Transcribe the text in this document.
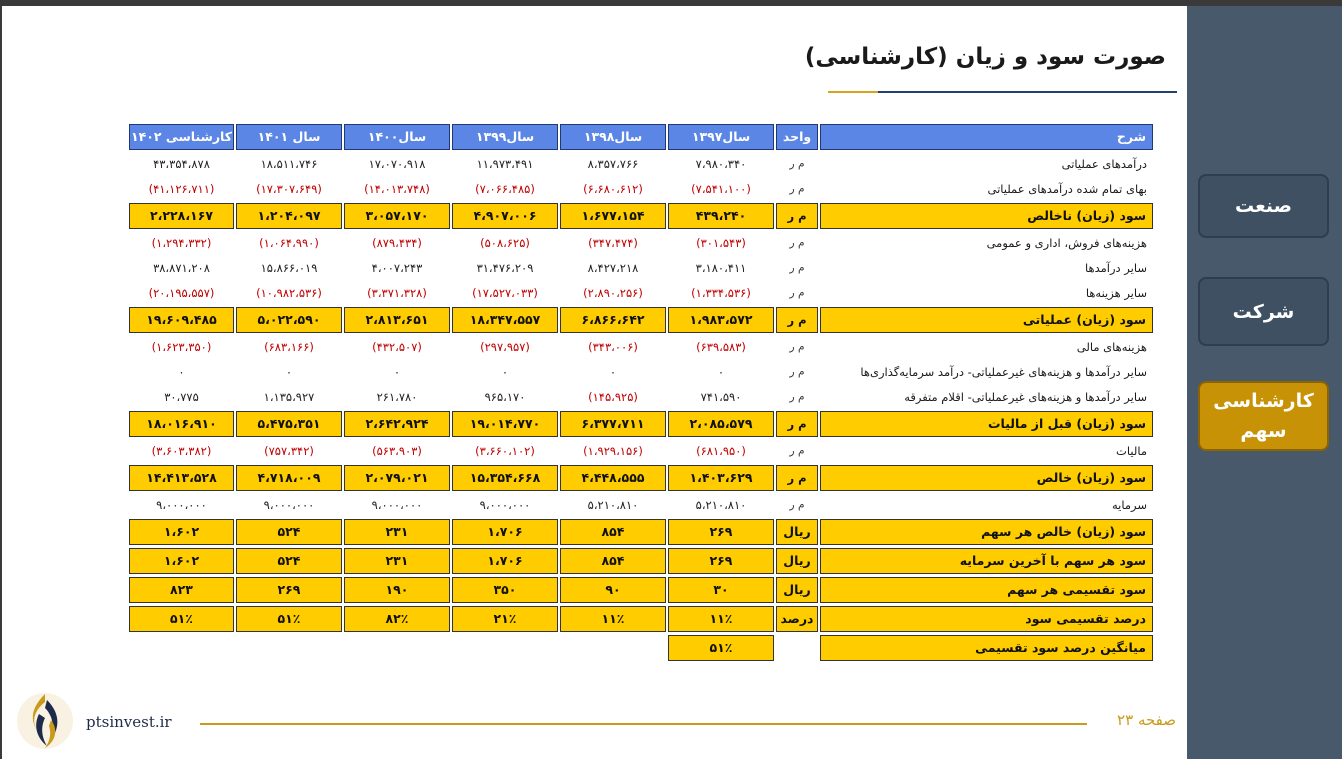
صورت سود و زیان (کارشناسی)
شرح	واحد	سال۱۳۹۷	سال۱۳۹۸	سال۱۳۹۹	سال۱۴۰۰	سال ۱۴۰۱	کارشناسی ۱۴۰۲
درآمدهای عملیاتی	م ر	۷،۹۸۰،۳۴۰	۸،۳۵۷،۷۶۶	۱۱،۹۷۳،۴۹۱	۱۷،۰۷۰،۹۱۸	۱۸،۵۱۱،۷۴۶	۴۳،۳۵۴،۸۷۸
بهای تمام شده درآمدهای عملیاتی	م ر	(۷،۵۴۱،۱۰۰)	(۶،۶۸۰،۶۱۲)	(۷،۰۶۶،۴۸۵)	(۱۴،۰۱۳،۷۴۸)	(۱۷،۳۰۷،۶۴۹)	(۴۱،۱۲۶،۷۱۱)
سود (زیان) ناخالص	م ر	۴۳۹،۲۴۰	۱،۶۷۷،۱۵۴	۴،۹۰۷،۰۰۶	۳،۰۵۷،۱۷۰	۱،۲۰۴،۰۹۷	۲،۲۲۸،۱۶۷
هزینه‌های فروش، اداری و عمومی	م ر	(۳۰۱،۵۴۳)	(۳۴۷،۴۷۴)	(۵۰۸،۶۲۵)	(۸۷۹،۴۳۴)	(۱،۰۶۴،۹۹۰)	(۱،۲۹۴،۳۳۲)
سایر درآمدها	م ر	۳،۱۸۰،۴۱۱	۸،۴۲۷،۲۱۸	۳۱،۴۷۶،۲۰۹	۴،۰۰۷،۲۴۳	۱۵،۸۶۶،۰۱۹	۳۸،۸۷۱،۲۰۸
سایر هزینه‌ها	م ر	(۱،۳۳۴،۵۳۶)	(۲،۸۹۰،۲۵۶)	(۱۷،۵۲۷،۰۳۳)	(۳،۳۷۱،۳۲۸)	(۱۰،۹۸۲،۵۳۶)	(۲۰،۱۹۵،۵۵۷)
سود (زیان) عملیاتی	م ر	۱،۹۸۳،۵۷۲	۶،۸۶۶،۶۴۲	۱۸،۳۴۷،۵۵۷	۲،۸۱۳،۶۵۱	۵،۰۲۲،۵۹۰	۱۹،۶۰۹،۴۸۵
هزینه‌های مالی	م ر	(۶۳۹،۵۸۳)	(۳۴۳،۰۰۶)	(۲۹۷،۹۵۷)	(۴۳۲،۵۰۷)	(۶۸۳،۱۶۶)	(۱،۶۲۳،۳۵۰)
سایر درآمدها و هزینه‌های غیرعملیاتی- درآمد سرمایه‌گذاری‌ها	م ر	۰	۰	۰	۰	۰	۰
سایر درآمدها و هزینه‌های غیرعملیاتی- اقلام متفرقه	م ر	۷۴۱،۵۹۰	(۱۴۵،۹۲۵)	۹۶۵،۱۷۰	۲۶۱،۷۸۰	۱،۱۳۵،۹۲۷	۳۰،۷۷۵
سود (زیان) قبل از مالیات	م ر	۲،۰۸۵،۵۷۹	۶،۳۷۷،۷۱۱	۱۹،۰۱۴،۷۷۰	۲،۶۴۲،۹۲۴	۵،۴۷۵،۳۵۱	۱۸،۰۱۶،۹۱۰
مالیات	م ر	(۶۸۱،۹۵۰)	(۱،۹۲۹،۱۵۶)	(۳،۶۶۰،۱۰۲)	(۵۶۳،۹۰۳)	(۷۵۷،۳۴۲)	(۳،۶۰۳،۳۸۲)
سود (زیان) خالص	م ر	۱،۴۰۳،۶۲۹	۴،۴۴۸،۵۵۵	۱۵،۳۵۴،۶۶۸	۲،۰۷۹،۰۲۱	۴،۷۱۸،۰۰۹	۱۴،۴۱۳،۵۲۸
سرمایه	م ر	۵،۲۱۰،۸۱۰	۵،۲۱۰،۸۱۰	۹،۰۰۰،۰۰۰	۹،۰۰۰،۰۰۰	۹،۰۰۰،۰۰۰	۹،۰۰۰،۰۰۰
سود (زیان) خالص هر سهم	ریال	۲۶۹	۸۵۴	۱،۷۰۶	۲۳۱	۵۲۴	۱،۶۰۲
سود هر سهم با آخرین سرمایه	ریال	۲۶۹	۸۵۴	۱،۷۰۶	۲۳۱	۵۲۴	۱،۶۰۲
سود تقسیمی هر سهم	ریال	۳۰	۹۰	۳۵۰	۱۹۰	۲۶۹	۸۲۳
درصد تقسیمی سود	درصد	۱۱٪	۱۱٪	۲۱٪	۸۲٪	۵۱٪	۵۱٪
میانگین درصد سود تقسیمی		۵۱٪					
صنعت
شرکت
کارشناسی سهم
ptsinvest.ir	صفحه ۲۳
